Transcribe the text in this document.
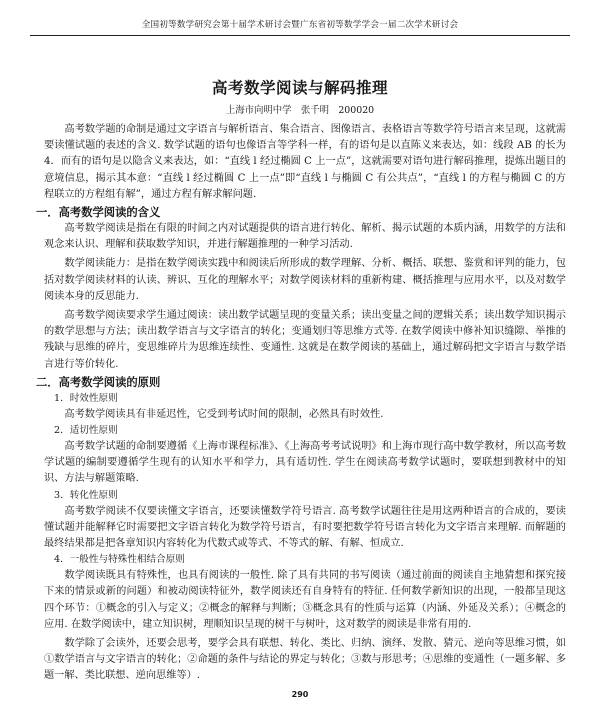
全国初等数学研究会第十届学术研讨会暨广东省初等数学学会一届二次学术研讨会
高考数学阅读与解码推理
上海市向明中学　张千明　200020

高考数学题的命制是通过文字语言与解析语言、集合语言、图像语言、表格语言等数学符号语言来呈现，这就需要读懂试题的表述的含义. 数学试题的语句也像语言等学科一样，有的语句是以直陈义来表达，如：线段 AB 的长为 4．而有的语句是以隐含义来表达，如：“直线 l 经过椭圆 C 上一点”，这就需要对语句进行解码推理，提炼出题目的意境信息，揭示其本意：“直线 l 经过椭圆 C 上一点”即“直线 l 与椭圆 C 有公共点”，“直线 l 的方程与椭圆 C 的方程联立的方程组有解”，通过方程有解求解问题.

一．高考数学阅读的含义

高考数学阅读是指在有限的时间之内对试题提供的语言进行转化、解析、揭示试题的本质内涵，用数学的方法和观念来认识、理解和获取数学知识，并进行解题推理的一种学习活动.

数学阅读能力：是指在数学阅读实践中和阅读后所形成的数学理解、分析、概括、联想、鉴赏和评判的能力，包括对数学阅读材料的认读、辨识、互化的理解水平；对数学阅读材料的重新构建、概括推理与应用水平，以及对数学阅读本身的反思能力.

高考数学阅读要求学生通过阅读：读出数学试题呈现的变量关系；读出变量之间的逻辑关系；读出数学知识揭示的数学思想与方法；读出数学语言与文字语言的转化；变通划归等思维方式等. 在数学阅读中修补知识缝隙、举推的残缺与思维的碎片，变思维碎片为思维连续性、变通性. 这就是在数学阅读的基础上，通过解码把文字语言与数学语言进行等价转化.

二．高考数学阅读的原则
1．时效性原则

高考数学阅读具有非延迟性，它受到考试时间的限制，必然具有时效性.

2．适切性原则

高考数学试题的命制要遵循《上海市课程标准》、《上海高考考试说明》和上海市现行高中数学教材，所以高考数学试题的编制要遵循学生现有的认知水平和学力，具有适切性. 学生在阅读高考数学试题时，要联想到教材中的知识、方法与解题策略.

3．转化性原则

高考数学阅读不仅要读懂文字语言，还要读懂数学符号语言. 高考数学试题往往是用这两种语言的合成的，要读懂试题并能解释它时需要把文字语言转化为数学符号语言，有时要把数学符号语言转化为文字语言来理解. 而解题的最终结果都是把各章知识内容转化为代数式或等式、不等式的解、有解、恒成立.

4．一般性与特殊性相结合原则

数学阅读既具有特殊性，也具有阅读的一般性. 除了具有共同的书写阅读（通过前面的阅读自主地猜想和探究接下来的情景或新的问题）和被动阅读特征外，数学阅读还有自身特有的特征. 任何数学新知识的出现，一般都呈现这四个环节：①概念的引入与定义；②概念的解释与判断；③概念具有的性质与运算（内涵、外延及关系）；④概念的应用. 在数学阅读中，建立知识树，理顺知识呈现的树干与树叶，这对数学的阅读是非常有用的.

数学除了会读外，还要会思考，要学会具有联想、转化、类比、归纳、演绎、发散、猜元、逆向等思维习惯，如①数学语言与文字语言的转化；②命题的条件与结论的界定与转化；③数与形思考；④思维的变通性（一题多解、多题一解、类比联想、逆向思维等）.

290
